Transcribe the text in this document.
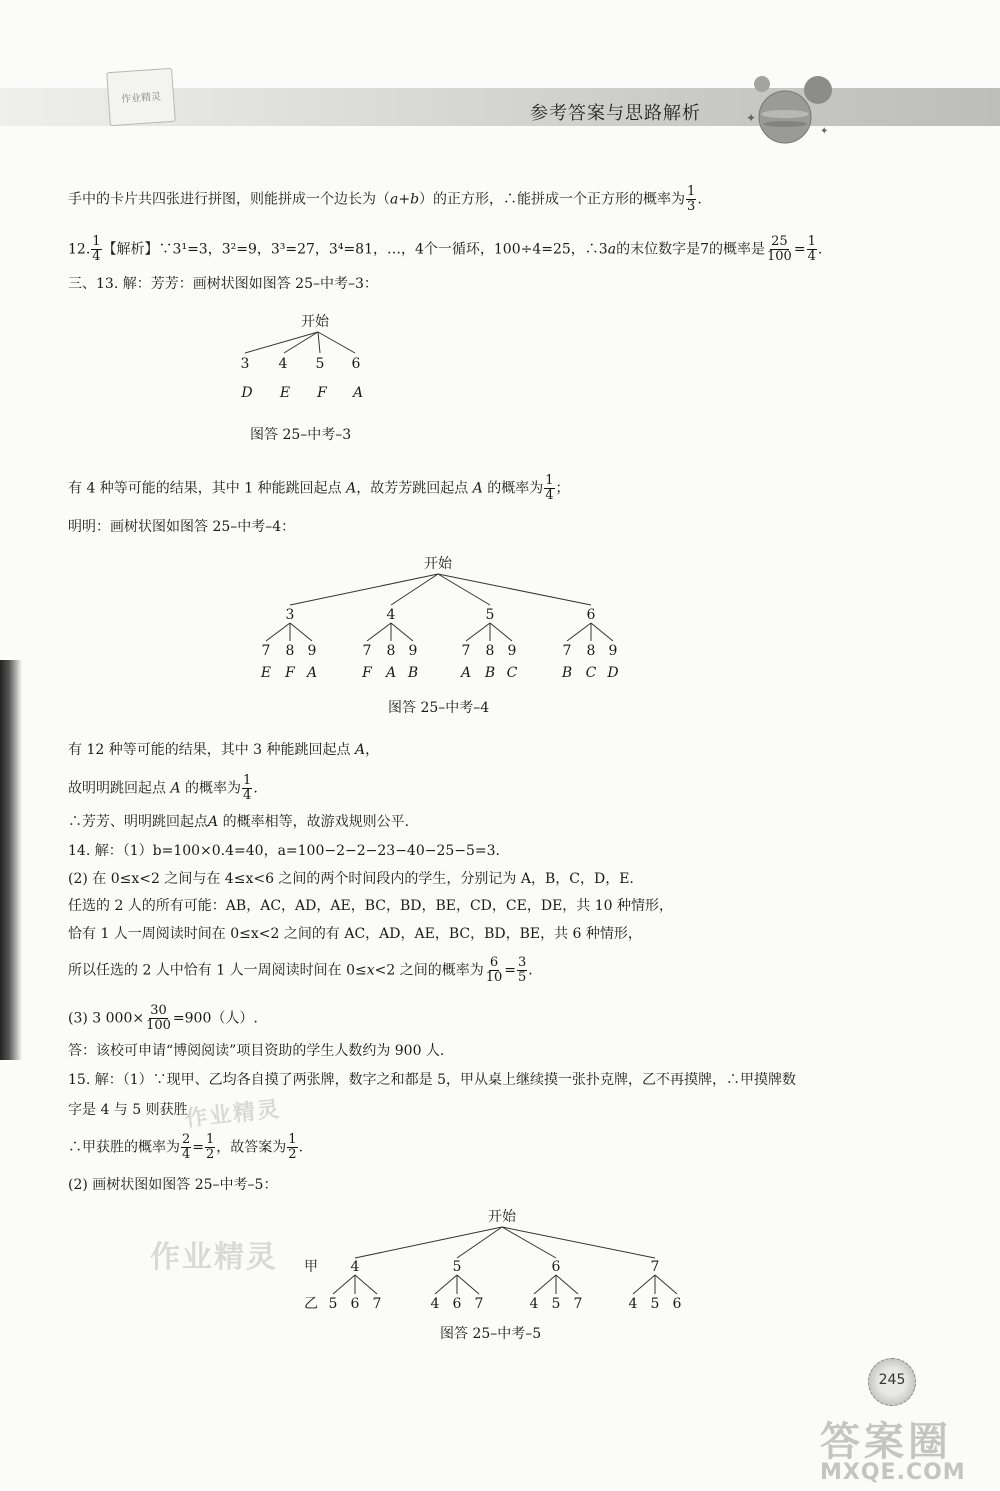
作业精灵
参考答案与思路解析	✦
✦
手中的卡片共四张进行拼图，则能拼成一个边长为（a+b）的正方形，∴能拼成一个正方形的概率为 $\frac{1}{3}$ .
12. $\frac{1}{4}$ 【解析】∵3¹=3，3²=9，3³=27，3⁴=81，…，4个一循环，100÷4=25，∴3a的末位数字是7的概率是 $\frac{25}{100} = \frac{1}{4}$ .
三、13. 解：芳芳：画树状图如图答 25–中考–3：
开始
3 4 5 6
D E F A
图答 25–中考–3
有 4 种等可能的结果，其中 1 种能跳回起点 A，故芳芳跳回起点 A 的概率为 $\frac{1}{4}$ ；
明明：画树状图如图答 25–中考–4：
开始
3
7
E
8
F
9
A
4
7
F
8
A
9
B
5
7
A
8
B
9
C
6
7
B
8
C
9
D
图答 25–中考–4
有 12 种等可能的结果，其中 3 种能跳回起点 A，
故明明跳回起点 A 的概率为 $\frac{1}{4}$ .
∴芳芳、明明跳回起点A 的概率相等，故游戏规则公平.
14. 解：（1）b=100×0.4=40，a=100−2−2−23−40−25−5=3.
(2) 在 0≤x<2 之间与在 4≤x<6 之间的两个时间段内的学生，分别记为 A，B，C，D，E.
任选的 2 人的所有可能：AB，AC，AD，AE，BC，BD，BE，CD，CE，DE，共 10 种情形，
恰有 1 人一周阅读时间在 0≤x<2 之间的有 AC，AD，AE，BC，BD，BE，共 6 种情形，
所以任选的 2 人中恰有 1 人一周阅读时间在 0≤x<2 之间的概率为 $\frac{6}{10} = \frac{3}{5}$ .
(3) 3 $000\times \frac{30}{100} =900$（人）.
答：该校可申请“博阅阅读”项目资助的学生人数约为 900 人.
15. 解：（1）∵现甲、乙均各自摸了两张牌，数字之和都是 5，甲从桌上继续摸一张扑克牌，乙不再摸牌，∴甲摸牌数
字是 4 与 5 则获胜，
∴甲获胜的概率为 $\frac{2}{4} = \frac{1}{2}$ ，故答案为 $\frac{1}{2}$ .
(2) 画树状图如图答 25–中考–5：
开始
甲
乙
4
5 6 7
5
4 6 7
6
4 5 7
7
4 5 6
图答 25–中考–5
作业精灵
作业精灵
245
答案圈
MXQE.COM
